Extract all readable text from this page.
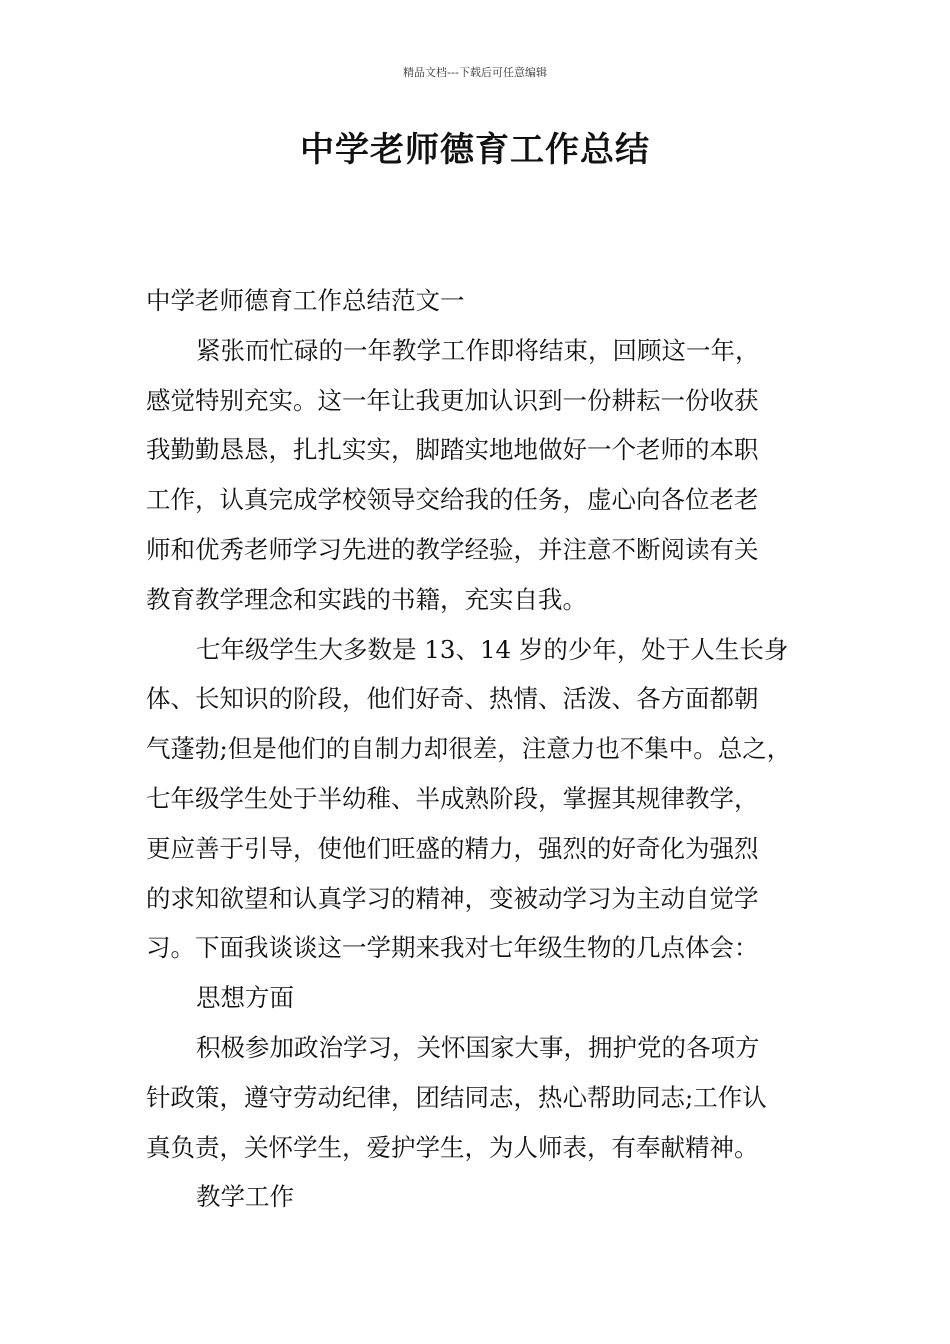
精品文档---下载后可任意编辑
中学老师德育工作总结

中学老师德育工作总结范文一

紧张而忙碌的一年教学工作即将结束，回顾这一年，

感觉特别充实。这一年让我更加认识到一份耕耘一份收获

我勤勤恳恳，扎扎实实，脚踏实地地做好一个老师的本职

工作，认真完成学校领导交给我的任务，虚心向各位老老

师和优秀老师学习先进的教学经验，并注意不断阅读有关

教育教学理念和实践的书籍，充实自我。

七年级学生大多数是 13、14 岁的少年，处于人生长身

体、长知识的阶段，他们好奇、热情、活泼、各方面都朝

气蓬勃;但是他们的自制力却很差，注意力也不集中。总之，

七年级学生处于半幼稚、半成熟阶段，掌握其规律教学，

更应善于引导，使他们旺盛的精力，强烈的好奇化为强烈

的求知欲望和认真学习的精神，变被动学习为主动自觉学

习。下面我谈谈这一学期来我对七年级生物的几点体会：

思想方面

积极参加政治学习，关怀国家大事，拥护党的各项方

针政策，遵守劳动纪律，团结同志，热心帮助同志;工作认

真负责，关怀学生，爱护学生，为人师表，有奉献精神。

教学工作
